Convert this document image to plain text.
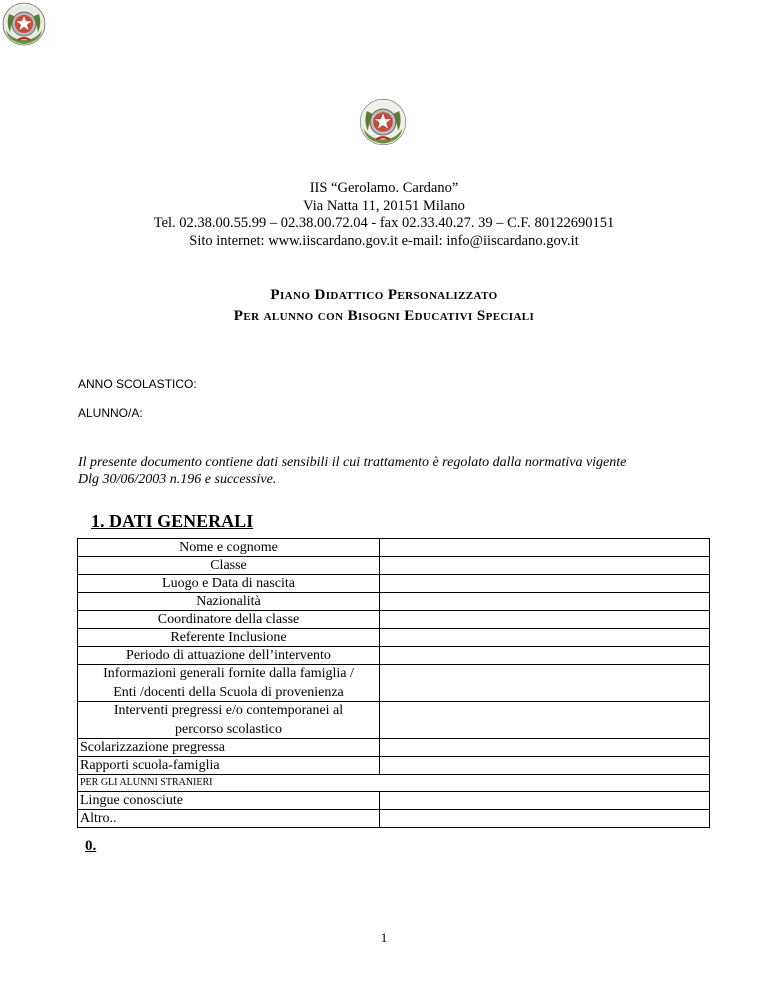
IIS “Gerolamo. Cardano”
Via Natta 11, 20151 Milano
Tel. 02.38.00.55.99 – 02.38.00.72.04 - fax 02.33.40.27. 39 – C.F. 80122690151
Sito internet: www.iiscardano.gov.it e-mail: info@iiscardano.gov.it
Piano Didattico Personalizzato
Per alunno con Bisogni Educativi Speciali
ANNO SCOLASTICO:
ALUNNO/A:
Il presente documento contiene dati sensibili il cui trattamento è regolato dalla normativa vigente
Dlg 30/06/2003 n.196 e successive.
1. DATI GENERALI
Nome e cognome	
Classe	
Luogo e Data di nascita	
Nazionalità	
Coordinatore della classe	
Referente Inclusione	
Periodo di attuazione dell’intervento	

Informazioni generali fornite dalla famiglia /
Enti /docenti della Scuola di provenienza	

Interventi pregressi e/o contemporanei al
percorso scolastico	

Scolarizzazione pregressa	
Rapporti scuola-famiglia	
PER GLI ALUNNI STRANIERI	
Lingue conosciute	
Altro..	
0.
1
